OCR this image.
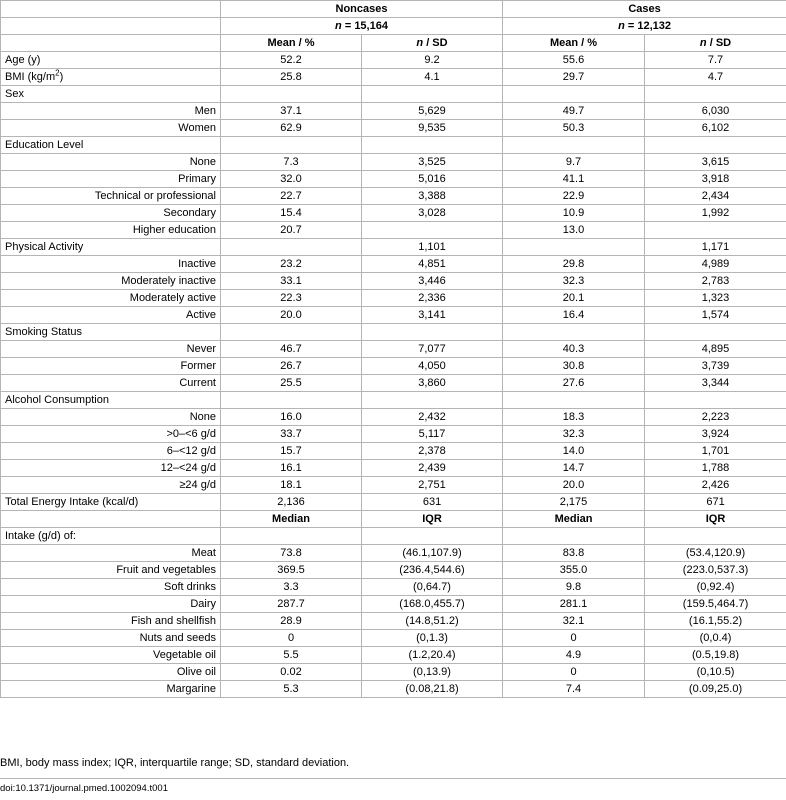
	Noncases		Cases	
	n = 15,164		n = 12,132	
	Mean / %	n / SD	Mean / %	n / SD
Age (y)	52.2	9.2	55.6	7.7
BMI $(kg/m^2)$	25.8	4.1	29.7	4.7
Sex				
Men	37.1	5,629	49.7	6,030
Women	62.9	9,535	50.3	6,102
Education Level				
None	7.3	3,525	9.7	3,615
Primary	32.0	5,016	41.1	3,918
Technical or professional	22.7	3,388	22.9	2,434
Secondary	15.4	3,028	10.9	1,992
Higher education	20.7		13.0	
Physical Activity		1,101		1,171
Inactive	23.2	4,851	29.8	4,989
Moderately inactive	33.1	3,446	32.3	2,783
Moderately active	22.3	2,336	20.1	1,323
Active	20.0	3,141	16.4	1,574
Smoking Status				
Never	46.7	7,077	40.3	4,895
Former	26.7	4,050	30.8	3,739
Current	25.5	3,860	27.6	3,344
Alcohol Consumption				
None	16.0	2,432	18.3	2,223
>0–<6 g/d	33.7	5,117	32.3	3,924
6–<12 g/d	15.7	2,378	14.0	1,701
12–<24 g/d	16.1	2,439	14.7	1,788
≥24 g/d	18.1	2,751	20.0	2,426
Total Energy Intake (kcal/d)	2,136	631	2,175	671
	Median	IQR	Median	IQR
Intake (g/d) of:				
Meat	73.8	(46.1,107.9)	83.8	(53.4,120.9)
Fruit and vegetables	369.5	(236.4,544.6)	355.0	(223.0,537.3)
Soft drinks	3.3	(0,64.7)	9.8	(0,92.4)
Dairy	287.7	(168.0,455.7)	281.1	(159.5,464.7)
Fish and shellfish	28.9	(14.8,51.2)	32.1	(16.1,55.2)
Nuts and seeds	0	(0,1.3)	0	(0,0.4)
Vegetable oil	5.5	(1.2,20.4)	4.9	(0.5,19.8)
Olive oil	0.02	(0,13.9)	0	(0,10.5)
Margarine	5.3	(0.08,21.8)	7.4	(0.09,25.0)
BMI, body mass index; IQR, interquartile range; SD, standard deviation.
doi:10.1371/journal.pmed.1002094.t001
